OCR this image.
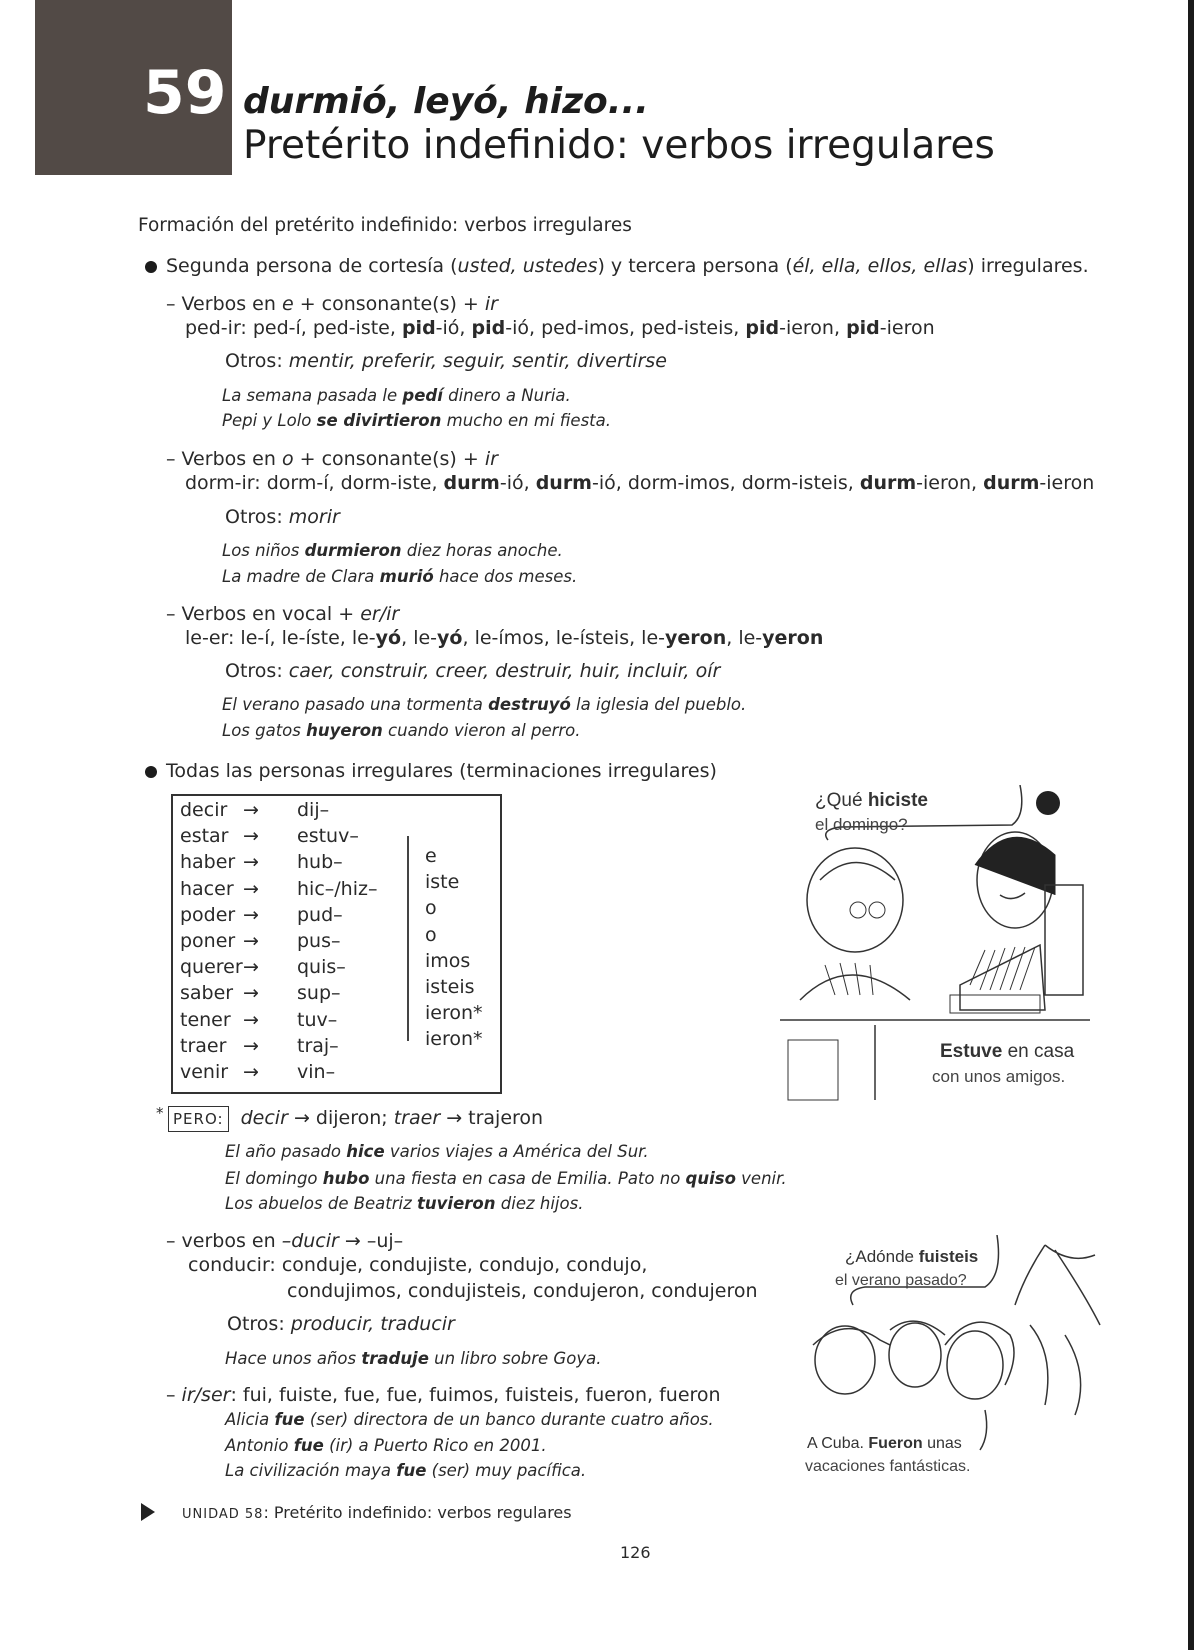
59 durmió, leyó, hizo...
Pretérito indefinido: verbos irregulares
Formación del pretérito indefinido: verbos irregulares
Segunda persona de cortesía (usted, ustedes) y tercera persona (él, ella, ellos, ellas) irregulares.
– Verbos en e + consonante(s) + ir
ped-ir: ped-í, ped-iste, pid-ió, pid-ió, ped-imos, ped-isteis, pid-ieron, pid-ieron
Otros: mentir, preferir, seguir, sentir, divertirse
La semana pasada le pedí dinero a Nuria.
Pepi y Lolo se divirtieron mucho en mi fiesta.
– Verbos en o + consonante(s) + ir
dorm-ir: dorm-í, dorm-iste, durm-ió, durm-ió, dorm-imos, dorm-isteis, durm-ieron, durm-ieron
Otros: morir
Los niños durmieron diez horas anoche.
La madre de Clara murió hace dos meses.
– Verbos en vocal + er/ir
le-er: le-í, le-íste, le-yó, le-yó, le-ímos, le-ísteis, le-yeron, le-yeron
Otros: caer, construir, creer, destruir, huir, incluir, oír
El verano pasado una tormenta destruyó la iglesia del pueblo.
Los gatos huyeron cuando vieron al perro.
Todas las personas irregulares (terminaciones irregulares)
decir → dij–
estar → estuv–
haber → hub–
hacer → hic–/hiz–
poder → pud–
poner → pus–
querer → quis–
saber → sup–
tener → tuv–
traer → traj–
venir → vin–
e
iste
o
o
imos
isteis
ieron*
ieron*
* PERO: decir → dijeron; traer → trajeron
El año pasado hice varios viajes a América del Sur.
El domingo hubo una fiesta en casa de Emilia. Pato no quiso venir.
Los abuelos de Beatriz tuvieron diez hijos.
– verbos en –ducir → –uj–
conducir: conduje, condujiste, condujo, condujo,
condujimos, condujisteis, condujeron, condujeron
Otros: producir, traducir
Hace unos años traduje un libro sobre Goya.
– ir/ser: fui, fuiste, fue, fue, fuimos, fuisteis, fueron, fueron
Alicia fue (ser) directora de un banco durante cuatro años.
Antonio fue (ir) a Puerto Rico en 2001.
La civilización maya fue (ser) muy pacífica.
¿Qué hiciste
el domingo?
Estuve en casa
con unos amigos.
¿Adónde fuisteis
el verano pasado?
A Cuba. Fueron unas
vacaciones fantásticas.
UNIDAD 58: Pretérito indefinido: verbos regulares
126
